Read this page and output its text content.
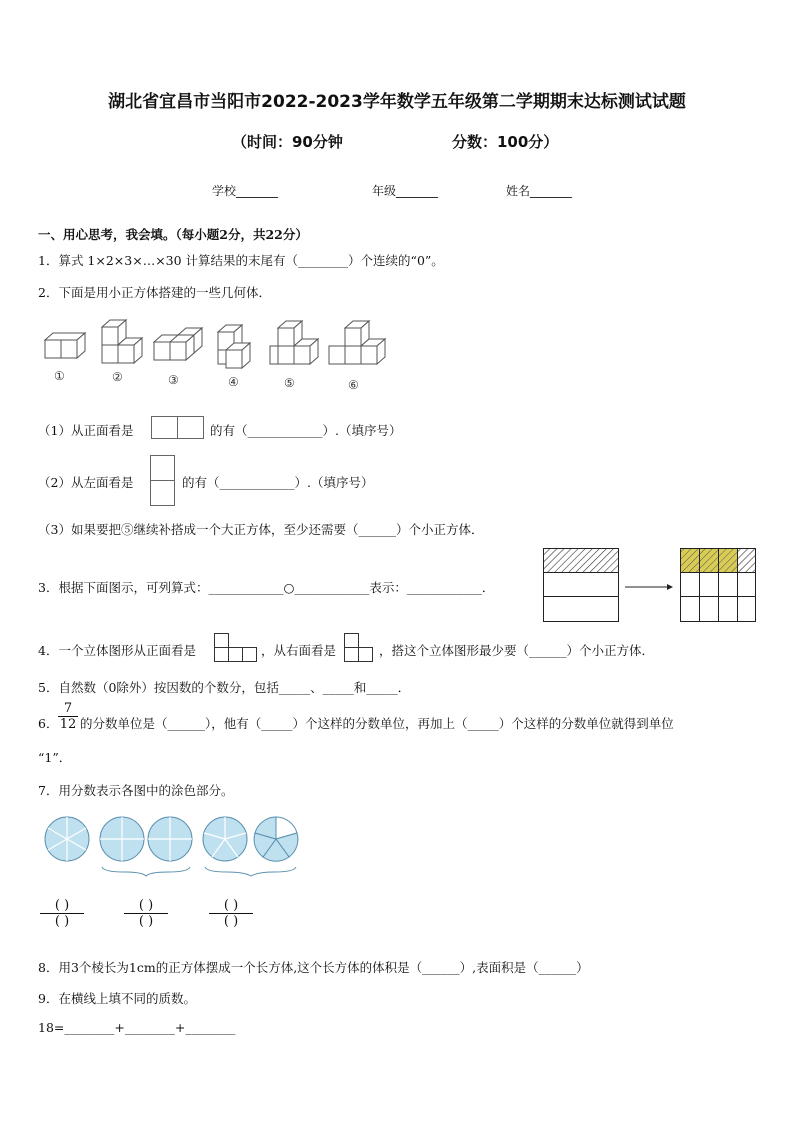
湖北省宜昌市当阳市2022-2023学年数学五年级第二学期期末达标测试试题
（时间：90分钟	分数：100分）
学校_______	年级_______	姓名_______
一、用心思考，我会填。（每小题2分，共22分）
1．算式 1×2×3×…×30 计算结果的末尾有（________）个连续的“0”。
2．下面是用小正方体搭建的一些几何体．
①	②	③	④	⑤	⑥
（1）从正面看是	的有（____________）.（填序号）
（2）从左面看是	的有（____________）.（填序号）
（3）如果要把⑤继续补搭成一个大正方体，至少还需要（______）个小正方体．
3．根据下面图示，可列算式：____________○____________表示：____________．
4．一个立体图形从正面看是	，从右面看是	，搭这个立体图形最少要（______）个小正方体．
5．自然数（0除外）按因数的个数分，包括_____、_____和_____．
6． $\frac{7}{12}$ 的分数单位是（______），他有（_____）个这样的分数单位，再加上（_____）个这样的分数单位就得到单位
“1”．
7．用分数表示各图中的涂色部分。
( )
( )
( )
( )
( )
( )
8．用3个棱长为1cm的正方体摆成一个长方体,这个长方体的体积是（______）,表面积是（______）
9．在横线上填不同的质数。
18=________+________+________
